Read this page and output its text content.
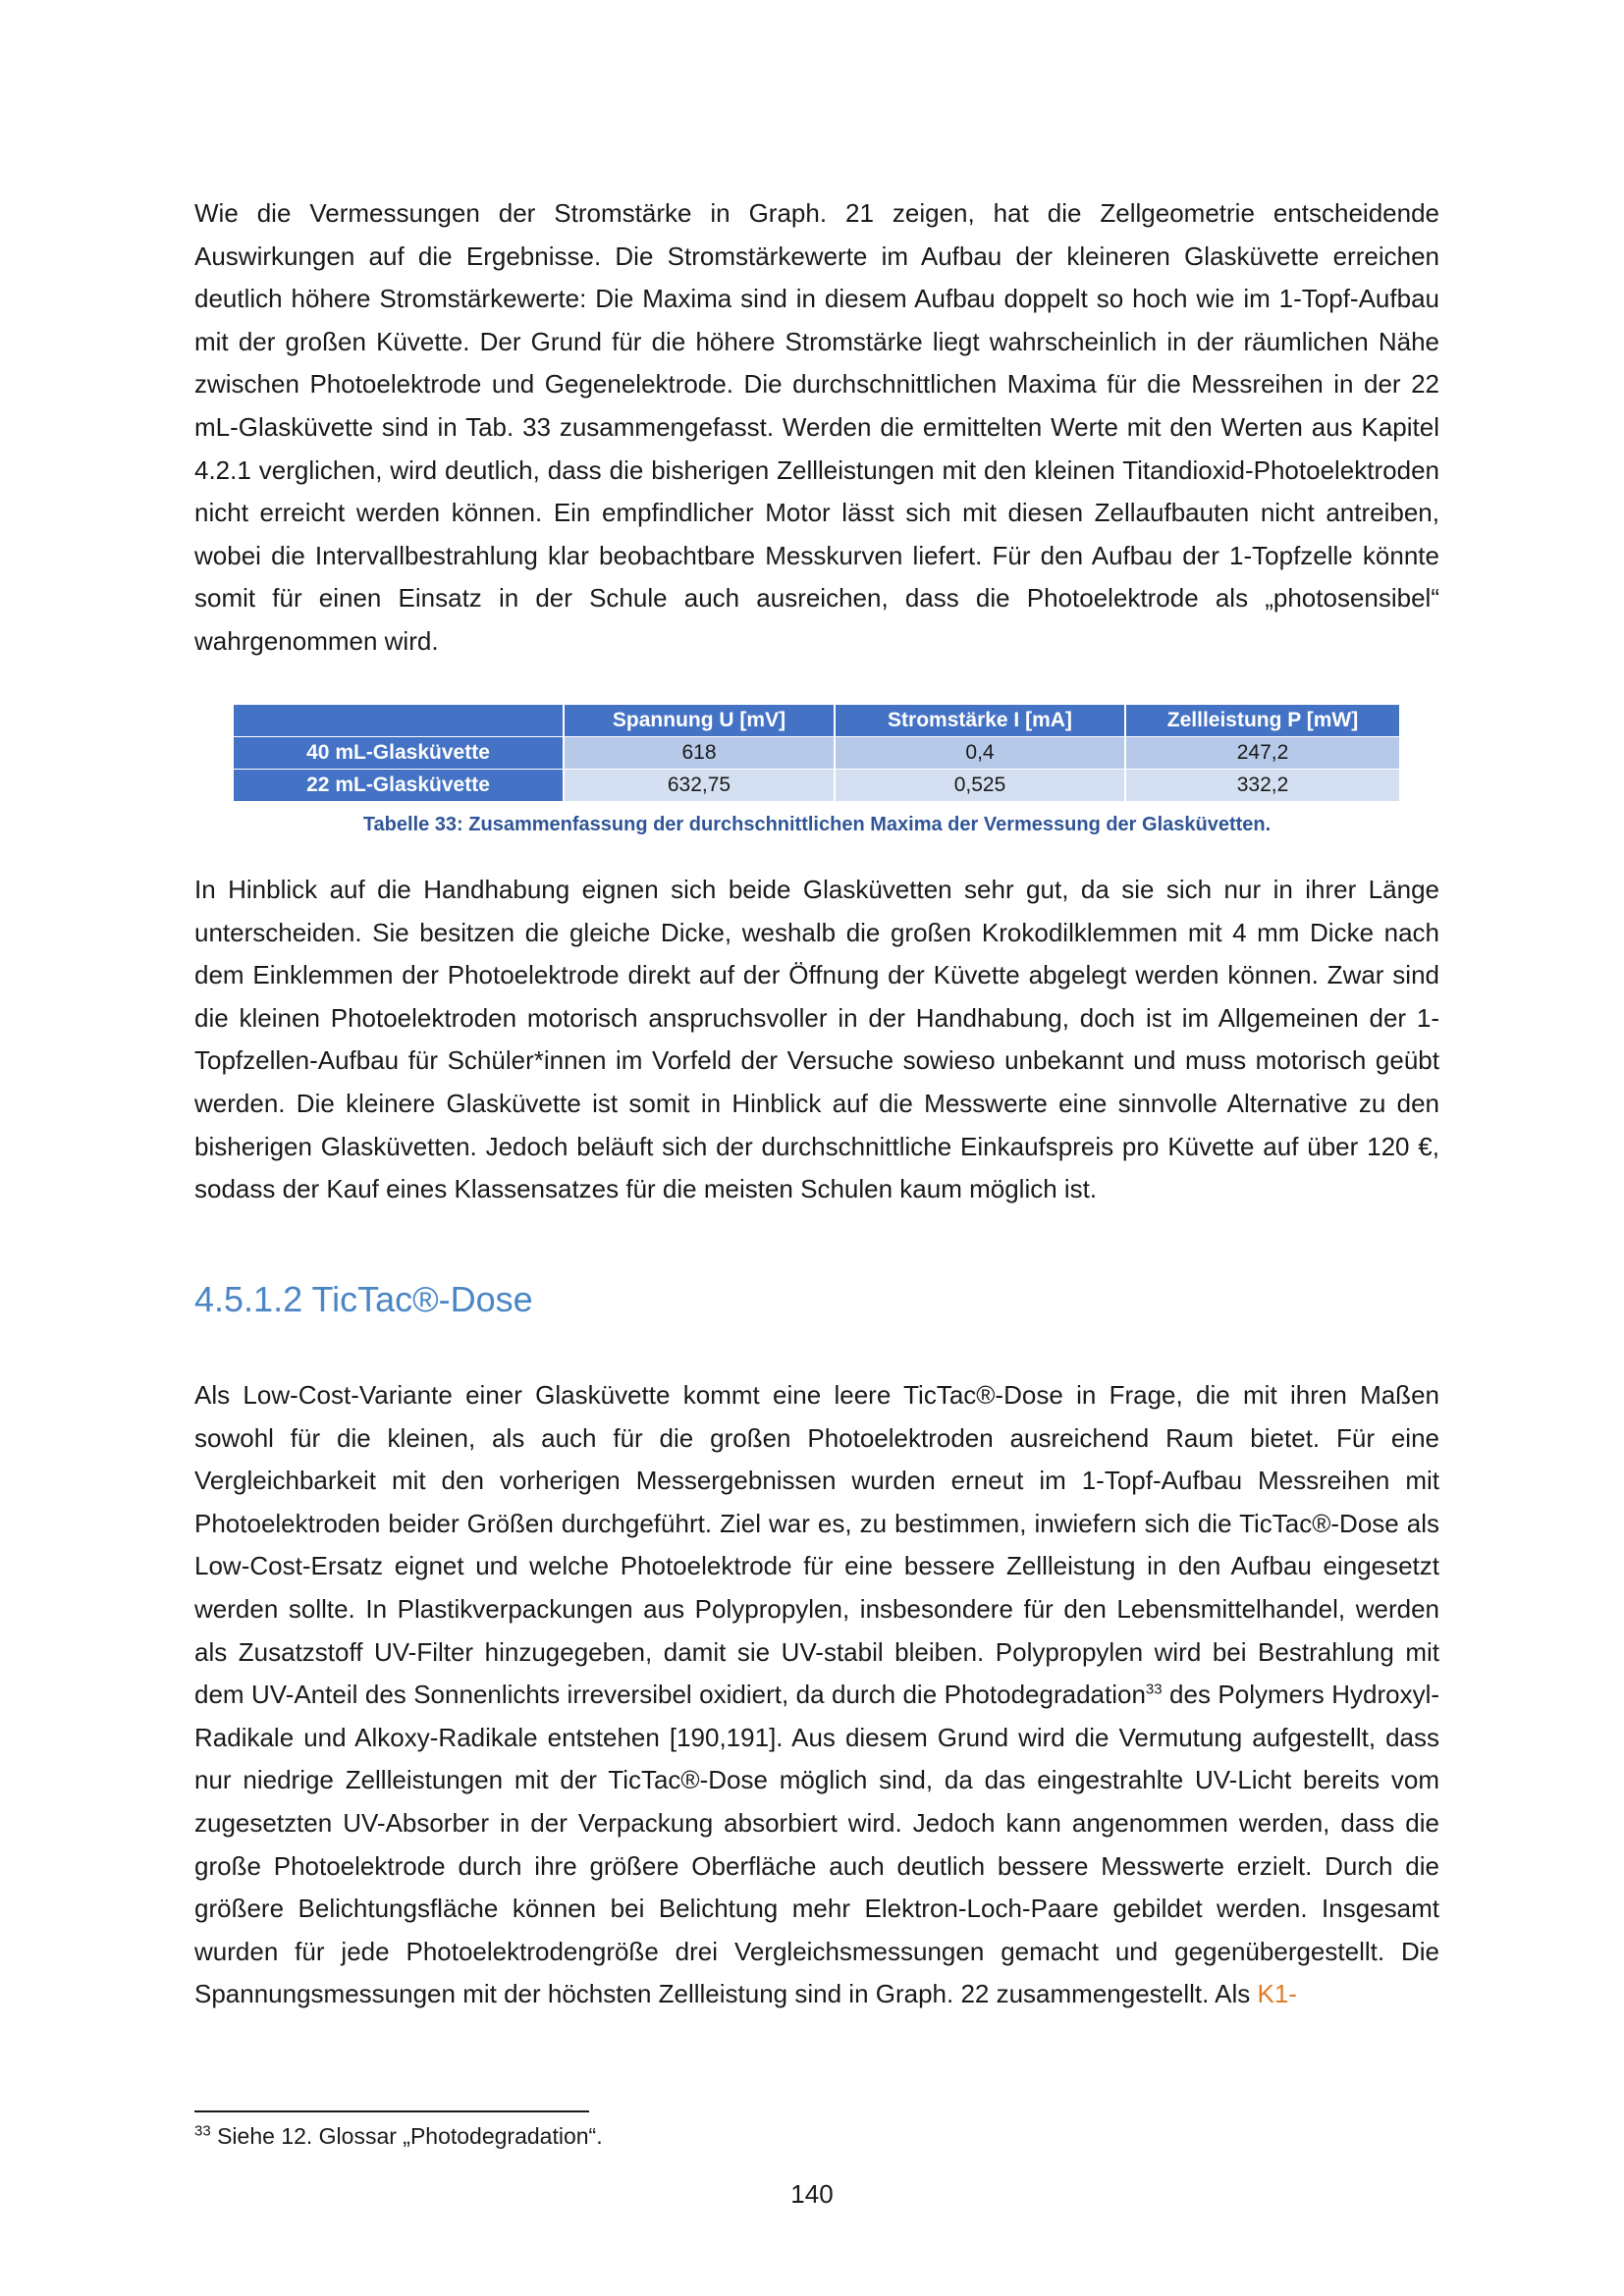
Wie die Vermessungen der Stromstärke in Graph. 21 zeigen, hat die Zellgeometrie entscheidende Auswirkungen auf die Ergebnisse. Die Stromstärkewerte im Aufbau der kleineren Glasküvette erreichen deutlich höhere Stromstärkewerte: Die Maxima sind in diesem Aufbau doppelt so hoch wie im 1-Topf-Aufbau mit der großen Küvette. Der Grund für die höhere Stromstärke liegt wahrscheinlich in der räumlichen Nähe zwischen Photoelektrode und Gegenelektrode. Die durchschnittlichen Maxima für die Messreihen in der 22 mL-Glasküvette sind in Tab. 33 zusammengefasst. Werden die ermittelten Werte mit den Werten aus Kapitel 4.2.1 verglichen, wird deutlich, dass die bisherigen Zellleistungen mit den kleinen Titandioxid-Photoelektroden nicht erreicht werden können. Ein empfindlicher Motor lässt sich mit diesen Zellaufbauten nicht antreiben, wobei die Intervallbestrahlung klar beobachtbare Messkurven liefert. Für den Aufbau der 1-Topfzelle könnte somit für einen Einsatz in der Schule auch ausreichen, dass die Photoelektrode als „photosensibel“ wahrgenommen wird.

	Spannung U [mV]	Stromstärke I [mA]	Zellleistung P [mW]
40 mL-Glasküvette	618	0,4	247,2
22 mL-Glasküvette	632,75	0,525	332,2

Tabelle 33: Zusammenfassung der durchschnittlichen Maxima der Vermessung der Glasküvetten.

In Hinblick auf die Handhabung eignen sich beide Glasküvetten sehr gut, da sie sich nur in ihrer Länge unterscheiden. Sie besitzen die gleiche Dicke, weshalb die großen Krokodilklemmen mit 4 mm Dicke nach dem Einklemmen der Photoelektrode direkt auf der Öffnung der Küvette abgelegt werden können. Zwar sind die kleinen Photoelektroden motorisch anspruchsvoller in der Handhabung, doch ist im Allgemeinen der 1-Topfzellen-Aufbau für Schüler*innen im Vorfeld der Versuche sowieso unbekannt und muss motorisch geübt werden. Die kleinere Glasküvette ist somit in Hinblick auf die Messwerte eine sinnvolle Alternative zu den bisherigen Glasküvetten. Jedoch beläuft sich der durchschnittliche Einkaufspreis pro Küvette auf über 120 €, sodass der Kauf eines Klassensatzes für die meisten Schulen kaum möglich ist.

4.5.1.2 TicTac®-Dose

Als Low-Cost-Variante einer Glasküvette kommt eine leere TicTac®-Dose in Frage, die mit ihren Maßen sowohl für die kleinen, als auch für die großen Photoelektroden ausreichend Raum bietet. Für eine Vergleichbarkeit mit den vorherigen Messergebnissen wurden erneut im 1-Topf-Aufbau Messreihen mit Photoelektroden beider Größen durchgeführt. Ziel war es, zu bestimmen, inwiefern sich die TicTac®-Dose als Low-Cost-Ersatz eignet und welche Photoelektrode für eine bessere Zellleistung in den Aufbau eingesetzt werden sollte. In Plastikverpackungen aus Polypropylen, insbesondere für den Lebensmittelhandel, werden als Zusatzstoff UV-Filter hinzugegeben, damit sie UV-stabil bleiben. Polypropylen wird bei Bestrahlung mit dem UV-Anteil des Sonnenlichts irreversibel oxidiert, da durch die Photodegradation$^{33}$ des Polymers Hydroxyl-Radikale und Alkoxy-Radikale entstehen [190,191]. Aus diesem Grund wird die Vermutung aufgestellt, dass nur niedrige Zellleistungen mit der TicTac®-Dose möglich sind, da das eingestrahlte UV-Licht bereits vom zugesetzten UV-Absorber in der Verpackung absorbiert wird. Jedoch kann angenommen werden, dass die große Photoelektrode durch ihre größere Oberfläche auch deutlich bessere Messwerte erzielt. Durch die größere Belichtungsfläche können bei Belichtung mehr Elektron-Loch-Paare gebildet werden. Insgesamt wurden für jede Photoelektrodengröße drei Vergleichsmessungen gemacht und gegenübergestellt. Die Spannungsmessungen mit der höchsten Zellleistung sind in Graph. 22 zusammengestellt. Als K1-

$^{33}$ Siehe 12. Glossar „Photodegradation“.

140
